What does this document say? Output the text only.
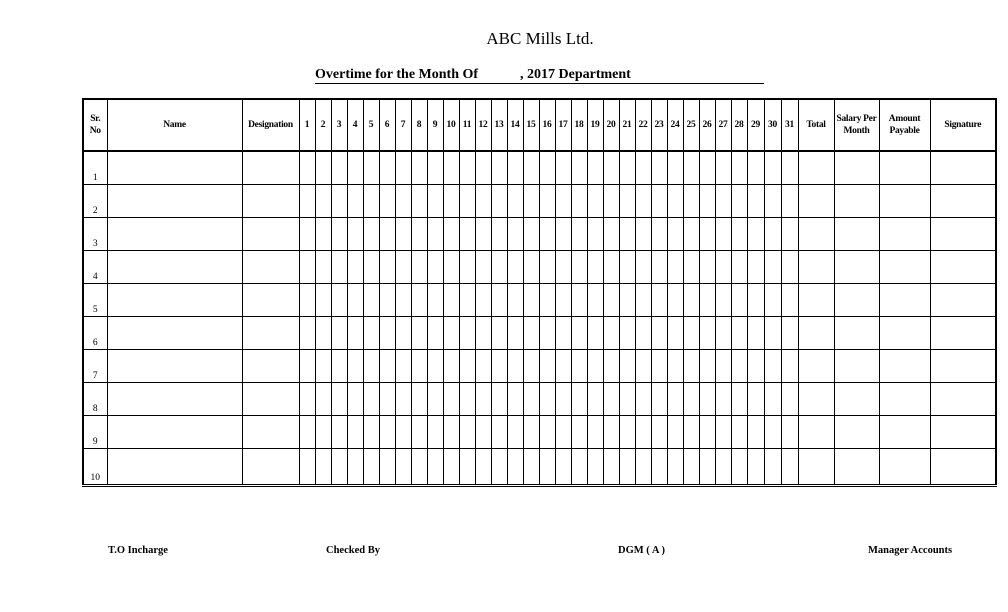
ABC Mills Ltd.
Overtime for the Month Of            , 2017 Department
Sr. No	Name	Designation	1	2	3	4	5	6	7	8	9	10	11	12	13	14	15	16	17	18	19	20	21	22	23	24	25	26	27	28	29	30	31	Total	Salary Per Month	Amount Payable	Signature
1																																					
2																																					
3																																					
4																																					
5																																					
6																																					
7																																					
8																																					
9																																					
10																																					
T.O Incharge	Checked By	DGM ( A )	Manager Accounts
